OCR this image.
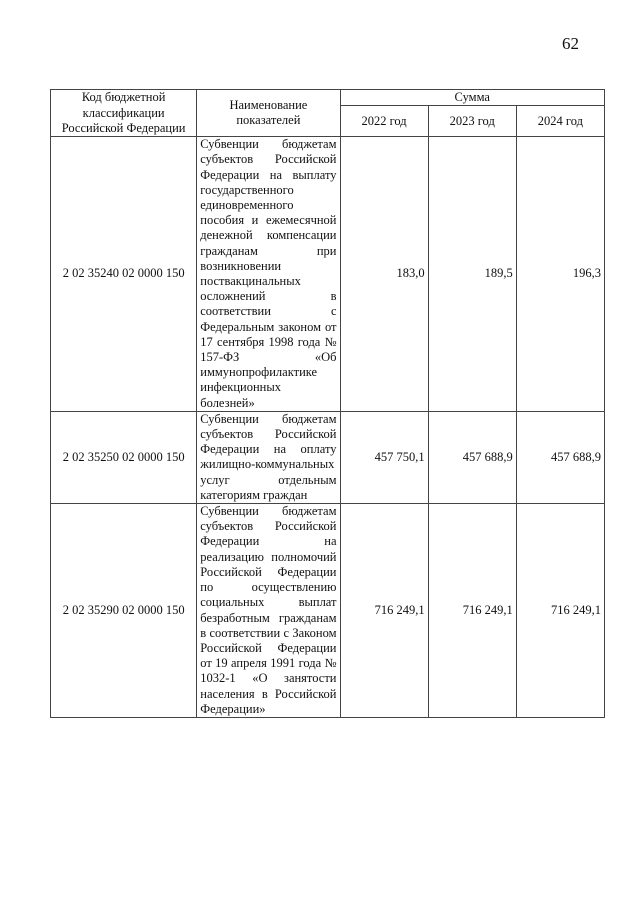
62
Код бюджетной классификации Российской Федерации	Наименование показателей	Сумма		
		2022 год	2023 год	2024 год
2 02 35240 02 0000 150	Субвенции бюджетам субъектов Российской Федерации на выплату государственного единовременного пособия и ежемесячной денежной компенсации гражданам при возникновении поствакцинальных осложнений в соответствии с Федеральным законом от 17 сентября 1998 года № 157-ФЗ «Об иммунопрофилактике инфекционных болезней»	183,0	189,5	196,3
2 02 35250 02 0000 150	Субвенции бюджетам субъектов Российской Федерации на оплату жилищно-коммунальных услуг отдельным категориям граждан	457 750,1	457 688,9	457 688,9
2 02 35290 02 0000 150	Субвенции бюджетам субъектов Российской Федерации на реализацию полномочий Российской Федерации по осуществлению социальных выплат безработным гражданам в соответствии с Законом Российской Федерации от 19 апреля 1991 года № 1032-1 «О занятости населения в Российской Федерации»	716 249,1	716 249,1	716 249,1
